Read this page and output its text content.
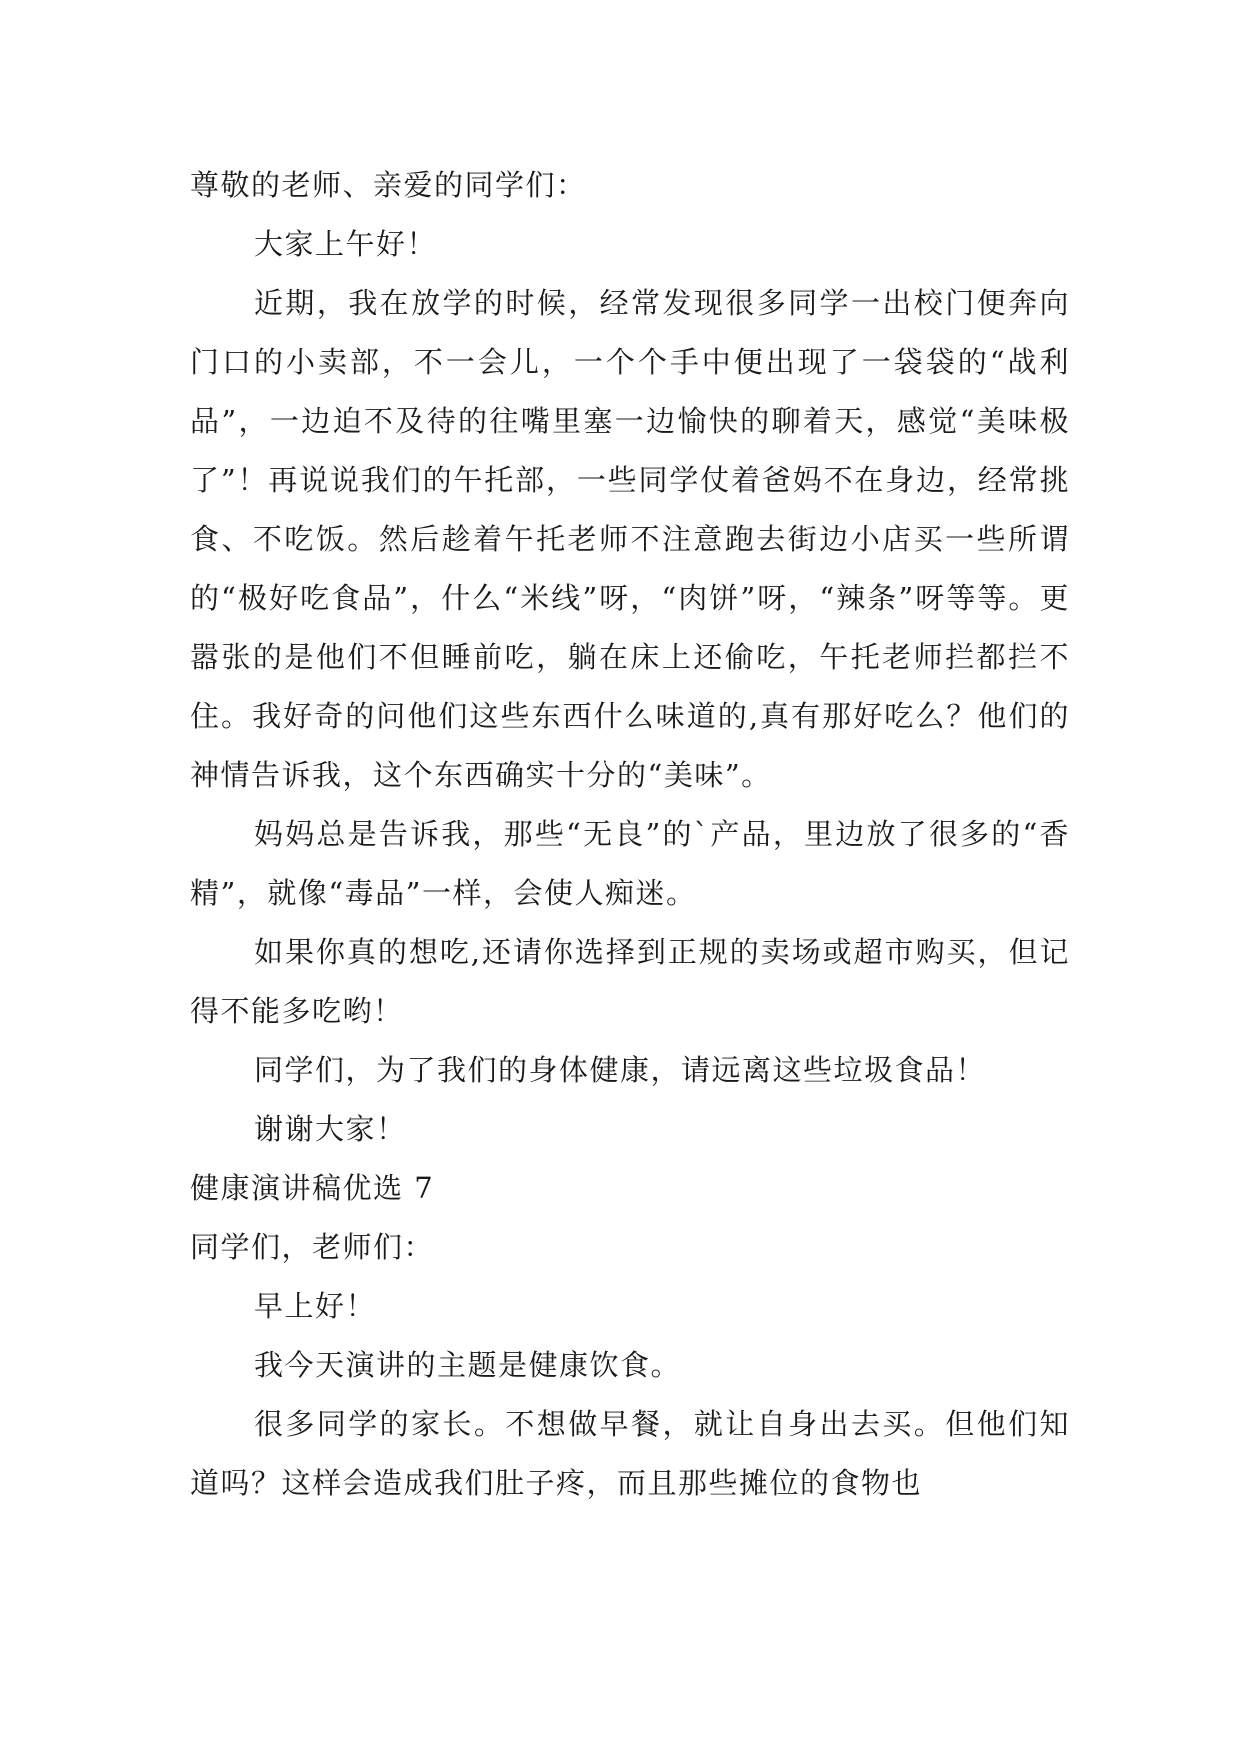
尊敬的老师、亲爱的同学们：

大家上午好！

近期，我在放学的时候，经常发现很多同学一出校门便奔向门口的小卖部，不一会儿，一个个手中便出现了一袋袋的“战利品”，一边迫不及待的往嘴里塞一边愉快的聊着天，感觉“美味极了”！再说说我们的午托部，一些同学仗着爸妈不在身边，经常挑食、不吃饭。然后趁着午托老师不注意跑去街边小店买一些所谓的“极好吃食品”，什么“米线”呀，“肉饼”呀，“辣条”呀等等。更嚣张的是他们不但睡前吃，躺在床上还偷吃，午托老师拦都拦不住。我好奇的问他们这些东西什么味道的,真有那好吃么？他们的神情告诉我，这个东西确实十分的“美味”。

妈妈总是告诉我，那些“无良”的`产品，里边放了很多的“香精”，就像“毒品”一样，会使人痴迷。

如果你真的想吃,还请你选择到正规的卖场或超市购买，但记得不能多吃哟！

同学们，为了我们的身体健康，请远离这些垃圾食品！

谢谢大家！

健康演讲稿优选 7

同学们，老师们：

早上好！

我今天演讲的主题是健康饮食。

很多同学的家长。不想做早餐，就让自身出去买。但他们知道吗？这样会造成我们肚子疼，而且那些摊位的食物也
